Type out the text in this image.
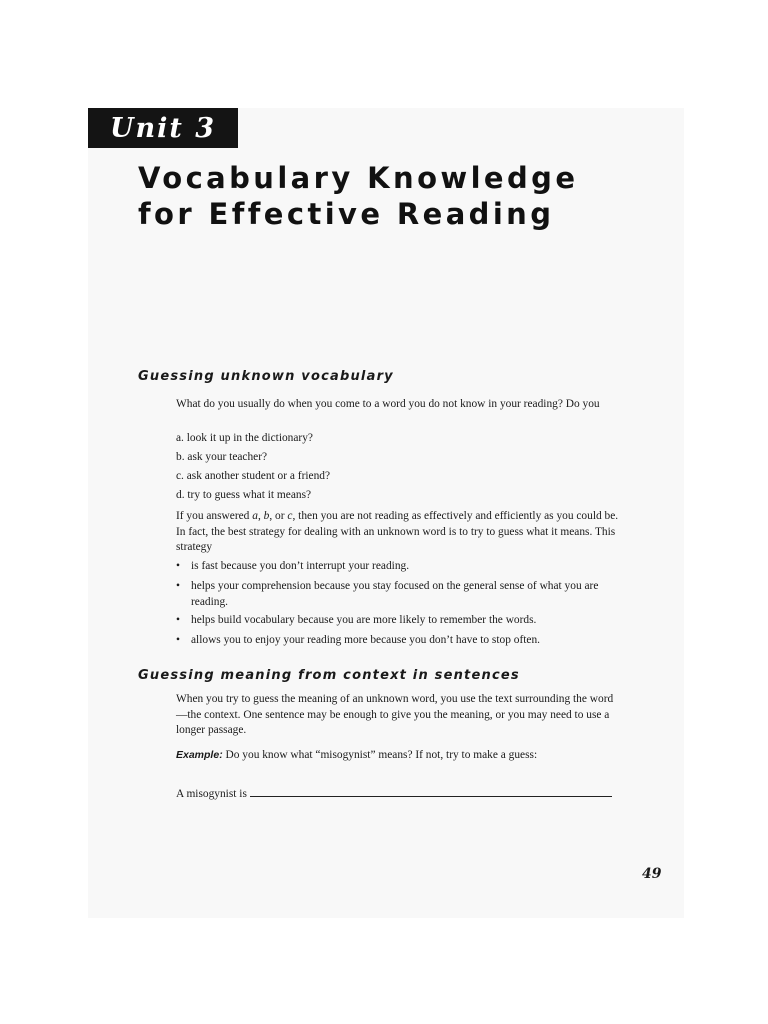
Unit 3
Vocabulary Knowledge
for Effective Reading
Guessing unknown vocabulary

What do you usually do when you come to a word you do not know in your reading? Do you

a. look it up in the dictionary?

b. ask your teacher?

c. ask another student or a friend?

d. try to guess what it means?

If you answered a, b, or c, then you are not reading as effectively and efficiently as you could be. In fact, the best strategy for dealing with an unknown word is to try to guess what it means. This strategy

• is fast because you don’t interrupt your reading.
• helps your comprehension because you stay focused on the general sense of what you are reading.
• helps build vocabulary because you are more likely to remember the words.
• allows you to enjoy your reading more because you don’t have to stop often.
Guessing meaning from context in sentences

When you try to guess the meaning of an unknown word, you use the text surrounding the word—the context. One sentence may be enough to give you the meaning, or you may need to use a longer passage.

Example: Do you know what “misogynist” means? If not, try to make a guess:

A misogynist is

49
